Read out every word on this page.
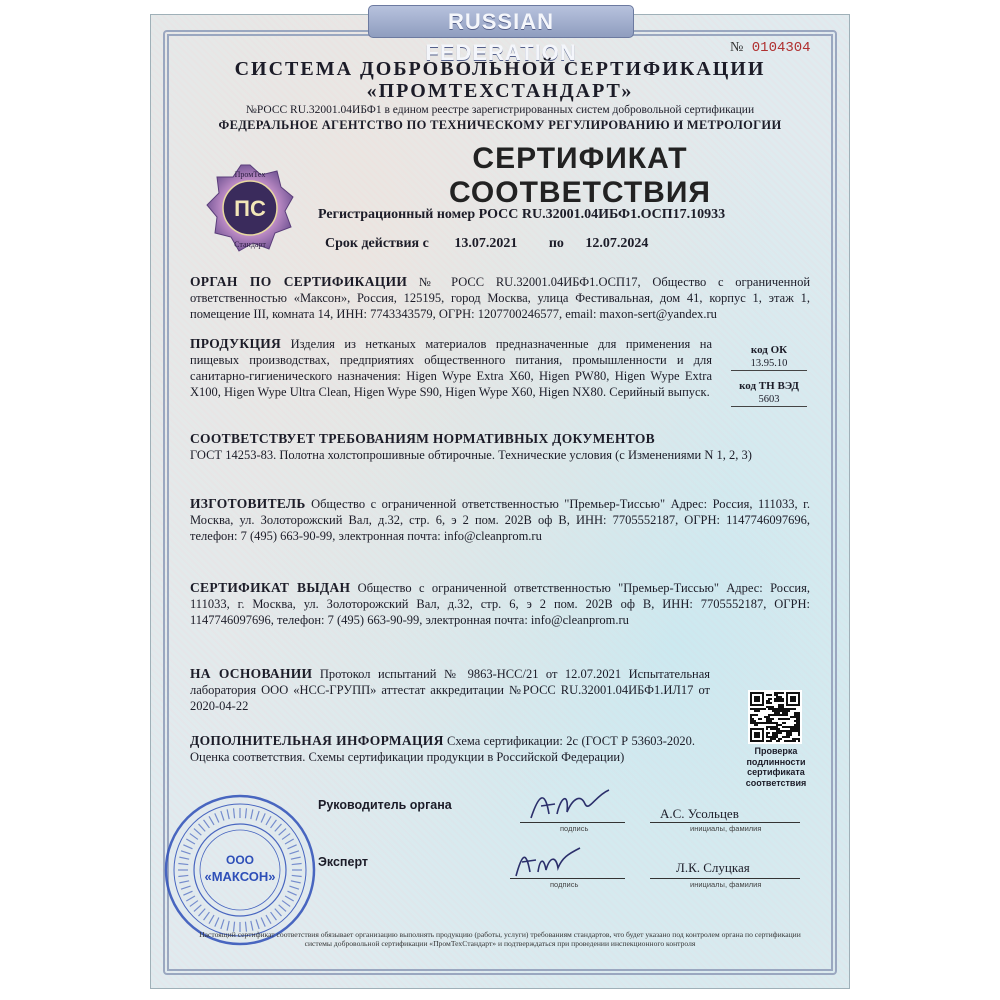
RUSSIAN FEDERATION	№ 0104304
СИСТЕМА ДОБРОВОЛЬНОЙ СЕРТИФИКАЦИИ
«ПРОМТЕХСТАНДАРТ»
№РОСС RU.32001.04ИБФ1 в едином реестре зарегистрированных систем добровольной сертификации
ФЕДЕРАЛЬНОЕ АГЕНТСТВО ПО ТЕХНИЧЕСКОМУ РЕГУЛИРОВАНИЮ И МЕТРОЛОГИИ
СЕРТИФИКАТ СООТВЕТСТВИЯ
ПС
ПромТех
Стандарт
Регистрационный номер РОСС RU.32001.04ИБФ1.ОСП17.10933
Срок действия с 13.07.2021 по 12.07.2024
ОРГАН ПО СЕРТИФИКАЦИИ № РОСС RU.32001.04ИБФ1.ОСП17, Общество с ограниченной ответственностью «Максон», Россия, 125195, город Москва, улица Фестивальная, дом 41, корпус 1, этаж 1, помещение III, комната 14, ИНН: 7743343579, ОГРН: 1207700246577, email: maxon-sert@yandex.ru
ПРОДУКЦИЯ Изделия из нетканых материалов предназначенные для применения на пищевых производствах, предприятиях общественного питания, промышленности и для санитарно-гигиенического назначения: Higen Wype Extra X60, Higen PW80, Higen Wype Extra X100, Higen Wype Ultra Clean, Higen Wype S90, Higen Wype X60, Higen NX80. Серийный выпуск.
код ОК
13.95.10
код ТН ВЭД
5603
СООТВЕТСТВУЕТ ТРЕБОВАНИЯМ НОРМАТИВНЫХ ДОКУМЕНТОВ
ГОСТ 14253-83. Полотна холстопрошивные обтирочные. Технические условия (с Изменениями N 1, 2, 3)
ИЗГОТОВИТЕЛЬ Общество с ограниченной ответственностью "Премьер-Тиссью" Адрес: Россия, 111033, г. Москва, ул. Золоторожский Вал, д.32, стр. 6, э 2 пом. 202В оф В, ИНН: 7705552187, ОГРН: 1147746097696, телефон: 7 (495) 663-90-99, электронная почта: info@cleanprom.ru
СЕРТИФИКАТ ВЫДАН Общество с ограниченной ответственностью "Премьер-Тиссью" Адрес: Россия, 111033, г. Москва, ул. Золоторожский Вал, д.32, стр. 6, э 2 пом. 202В оф В, ИНН: 7705552187, ОГРН: 1147746097696, телефон: 7 (495) 663-90-99, электронная почта: info@cleanprom.ru
НА ОСНОВАНИИ Протокол испытаний № 9863-НСС/21 от 12.07.2021 Испытательная лаборатория ООО «НСС-ГРУПП» аттестат аккредитации №РОСС RU.32001.04ИБФ1.ИЛ17 от 2020-04-22
ДОПОЛНИТЕЛЬНАЯ ИНФОРМАЦИЯ Схема сертификации: 2с (ГОСТ Р 53603-2020. Оценка соответствия. Схемы сертификации продукции в Российской Федерации)	Проверка подлинности сертификата соответствия
Руководитель органа
подпись
А.С. Усольцев
инициалы, фамилия
Эксперт
подпись
Л.К. Слуцкая
инициалы, фамилия
ООО
«МАКСОН»
Настоящий сертификат соответствия обязывает организацию выполнять продукцию (работы, услуги) требованиям стандартов, что будет указано под контролем органа по сертификации системы добровольной сертификации «ПромТехСтандарт» и подтверждаться при проведении инспекционного контроля
